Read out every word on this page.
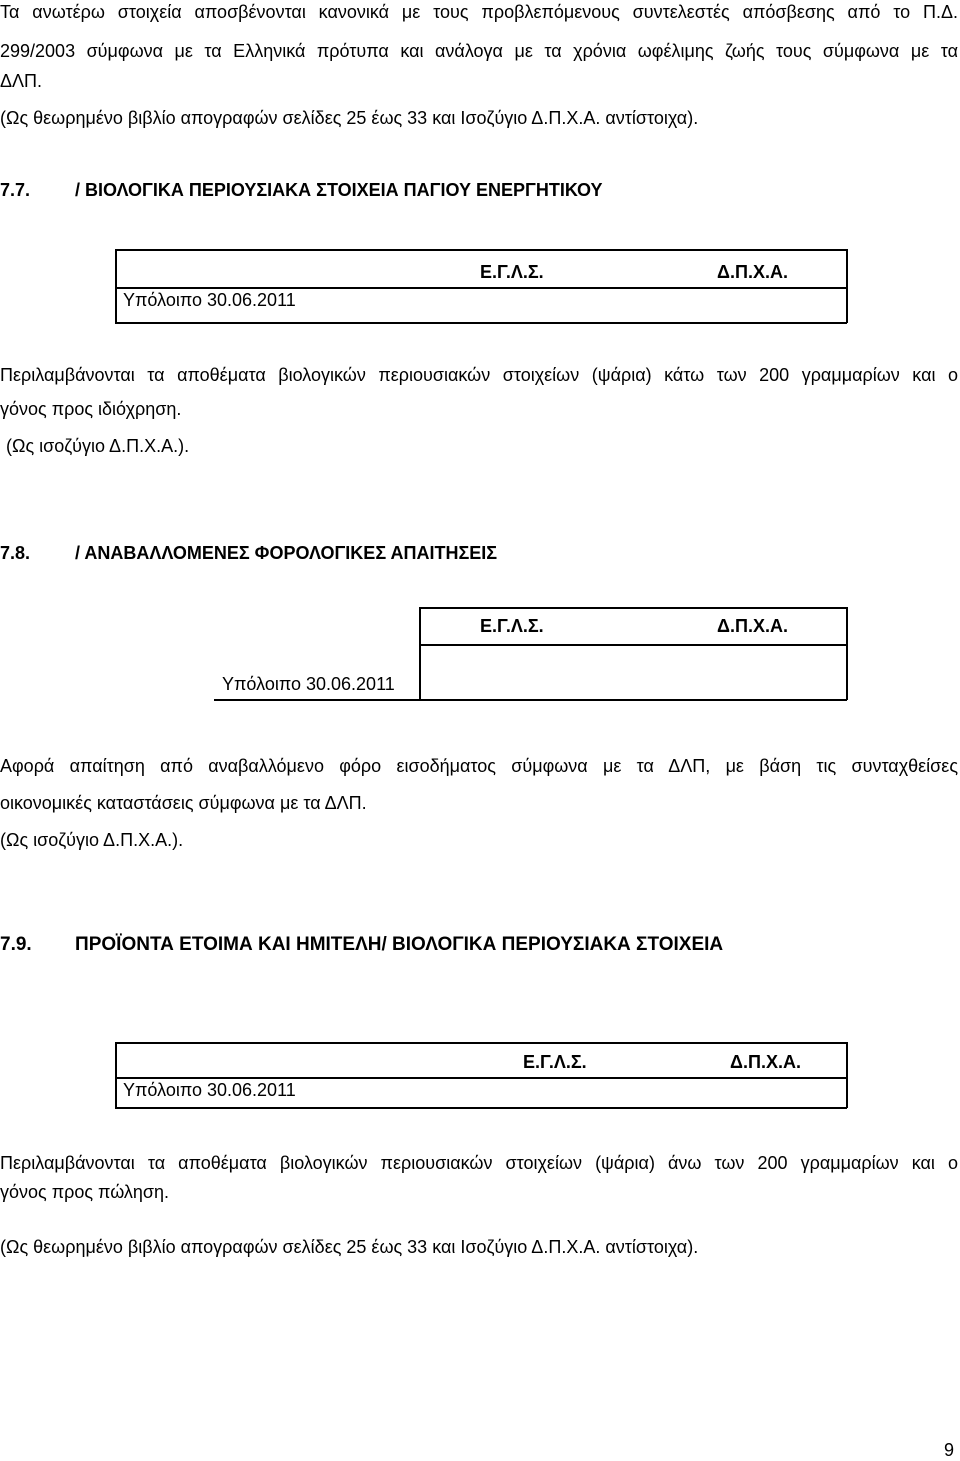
Τα ανωτέρω στοιχεία αποσβένονται κανονικά με τους προβλεπόμενους συντελεστές απόσβεσης από το Π.Δ.
299/2003 σύμφωνα με τα Ελληνικά πρότυπα και ανάλογα με τα χρόνια ωφέλιμης ζωής τους σύμφωνα με τα
ΔΛΠ.
(Ως θεωρημένο βιβλίο απογραφών σελίδες 25 έως 33 και Ισοζύγιο Δ.Π.Χ.Α. αντίστοιχα).
7.7. / ΒΙΟΛΟΓΙΚΑ ΠΕΡΙΟΥΣΙΑΚΑ ΣΤΟΙΧΕΙΑ ΠΑΓΙΟΥ ΕΝΕΡΓΗΤΙΚΟΥ
Ε.Γ.Λ.Σ.	Δ.Π.Χ.Α.
Υπόλοιπο 30.06.2011
Περιλαμβάνονται τα αποθέματα βιολογικών περιουσιακών στοιχείων (ψάρια) κάτω των 200 γραμμαρίων και ο
γόνος προς ιδιόχρηση.
(Ως ισοζύγιο Δ.Π.Χ.Α.).
7.8. / ΑΝΑΒΑΛΛΟΜΕΝΕΣ ΦΟΡΟΛΟΓΙΚΕΣ ΑΠΑΙΤΗΣΕΙΣ
Ε.Γ.Λ.Σ.	Δ.Π.Χ.Α.
Υπόλοιπο 30.06.2011
Αφορά απαίτηση από αναβαλλόμενο φόρο εισοδήματος σύμφωνα με τα ΔΛΠ, με βάση τις συνταχθείσες
οικονομικές καταστάσεις σύμφωνα με τα ΔΛΠ.
(Ως ισοζύγιο Δ.Π.Χ.Α.).
7.9. ΠΡΟΪΟΝΤΑ ΕΤΟΙΜΑ ΚΑΙ ΗΜΙΤΕΛΗ/ ΒΙΟΛΟΓΙΚΑ ΠΕΡΙΟΥΣΙΑΚΑ ΣΤΟΙΧΕΙΑ
Ε.Γ.Λ.Σ.	Δ.Π.Χ.Α.
Υπόλοιπο 30.06.2011
Περιλαμβάνονται τα αποθέματα βιολογικών περιουσιακών στοιχείων (ψάρια) άνω των 200 γραμμαρίων και ο
γόνος προς πώληση.
(Ως θεωρημένο βιβλίο απογραφών σελίδες 25 έως 33 και Ισοζύγιο Δ.Π.Χ.Α. αντίστοιχα).
9
